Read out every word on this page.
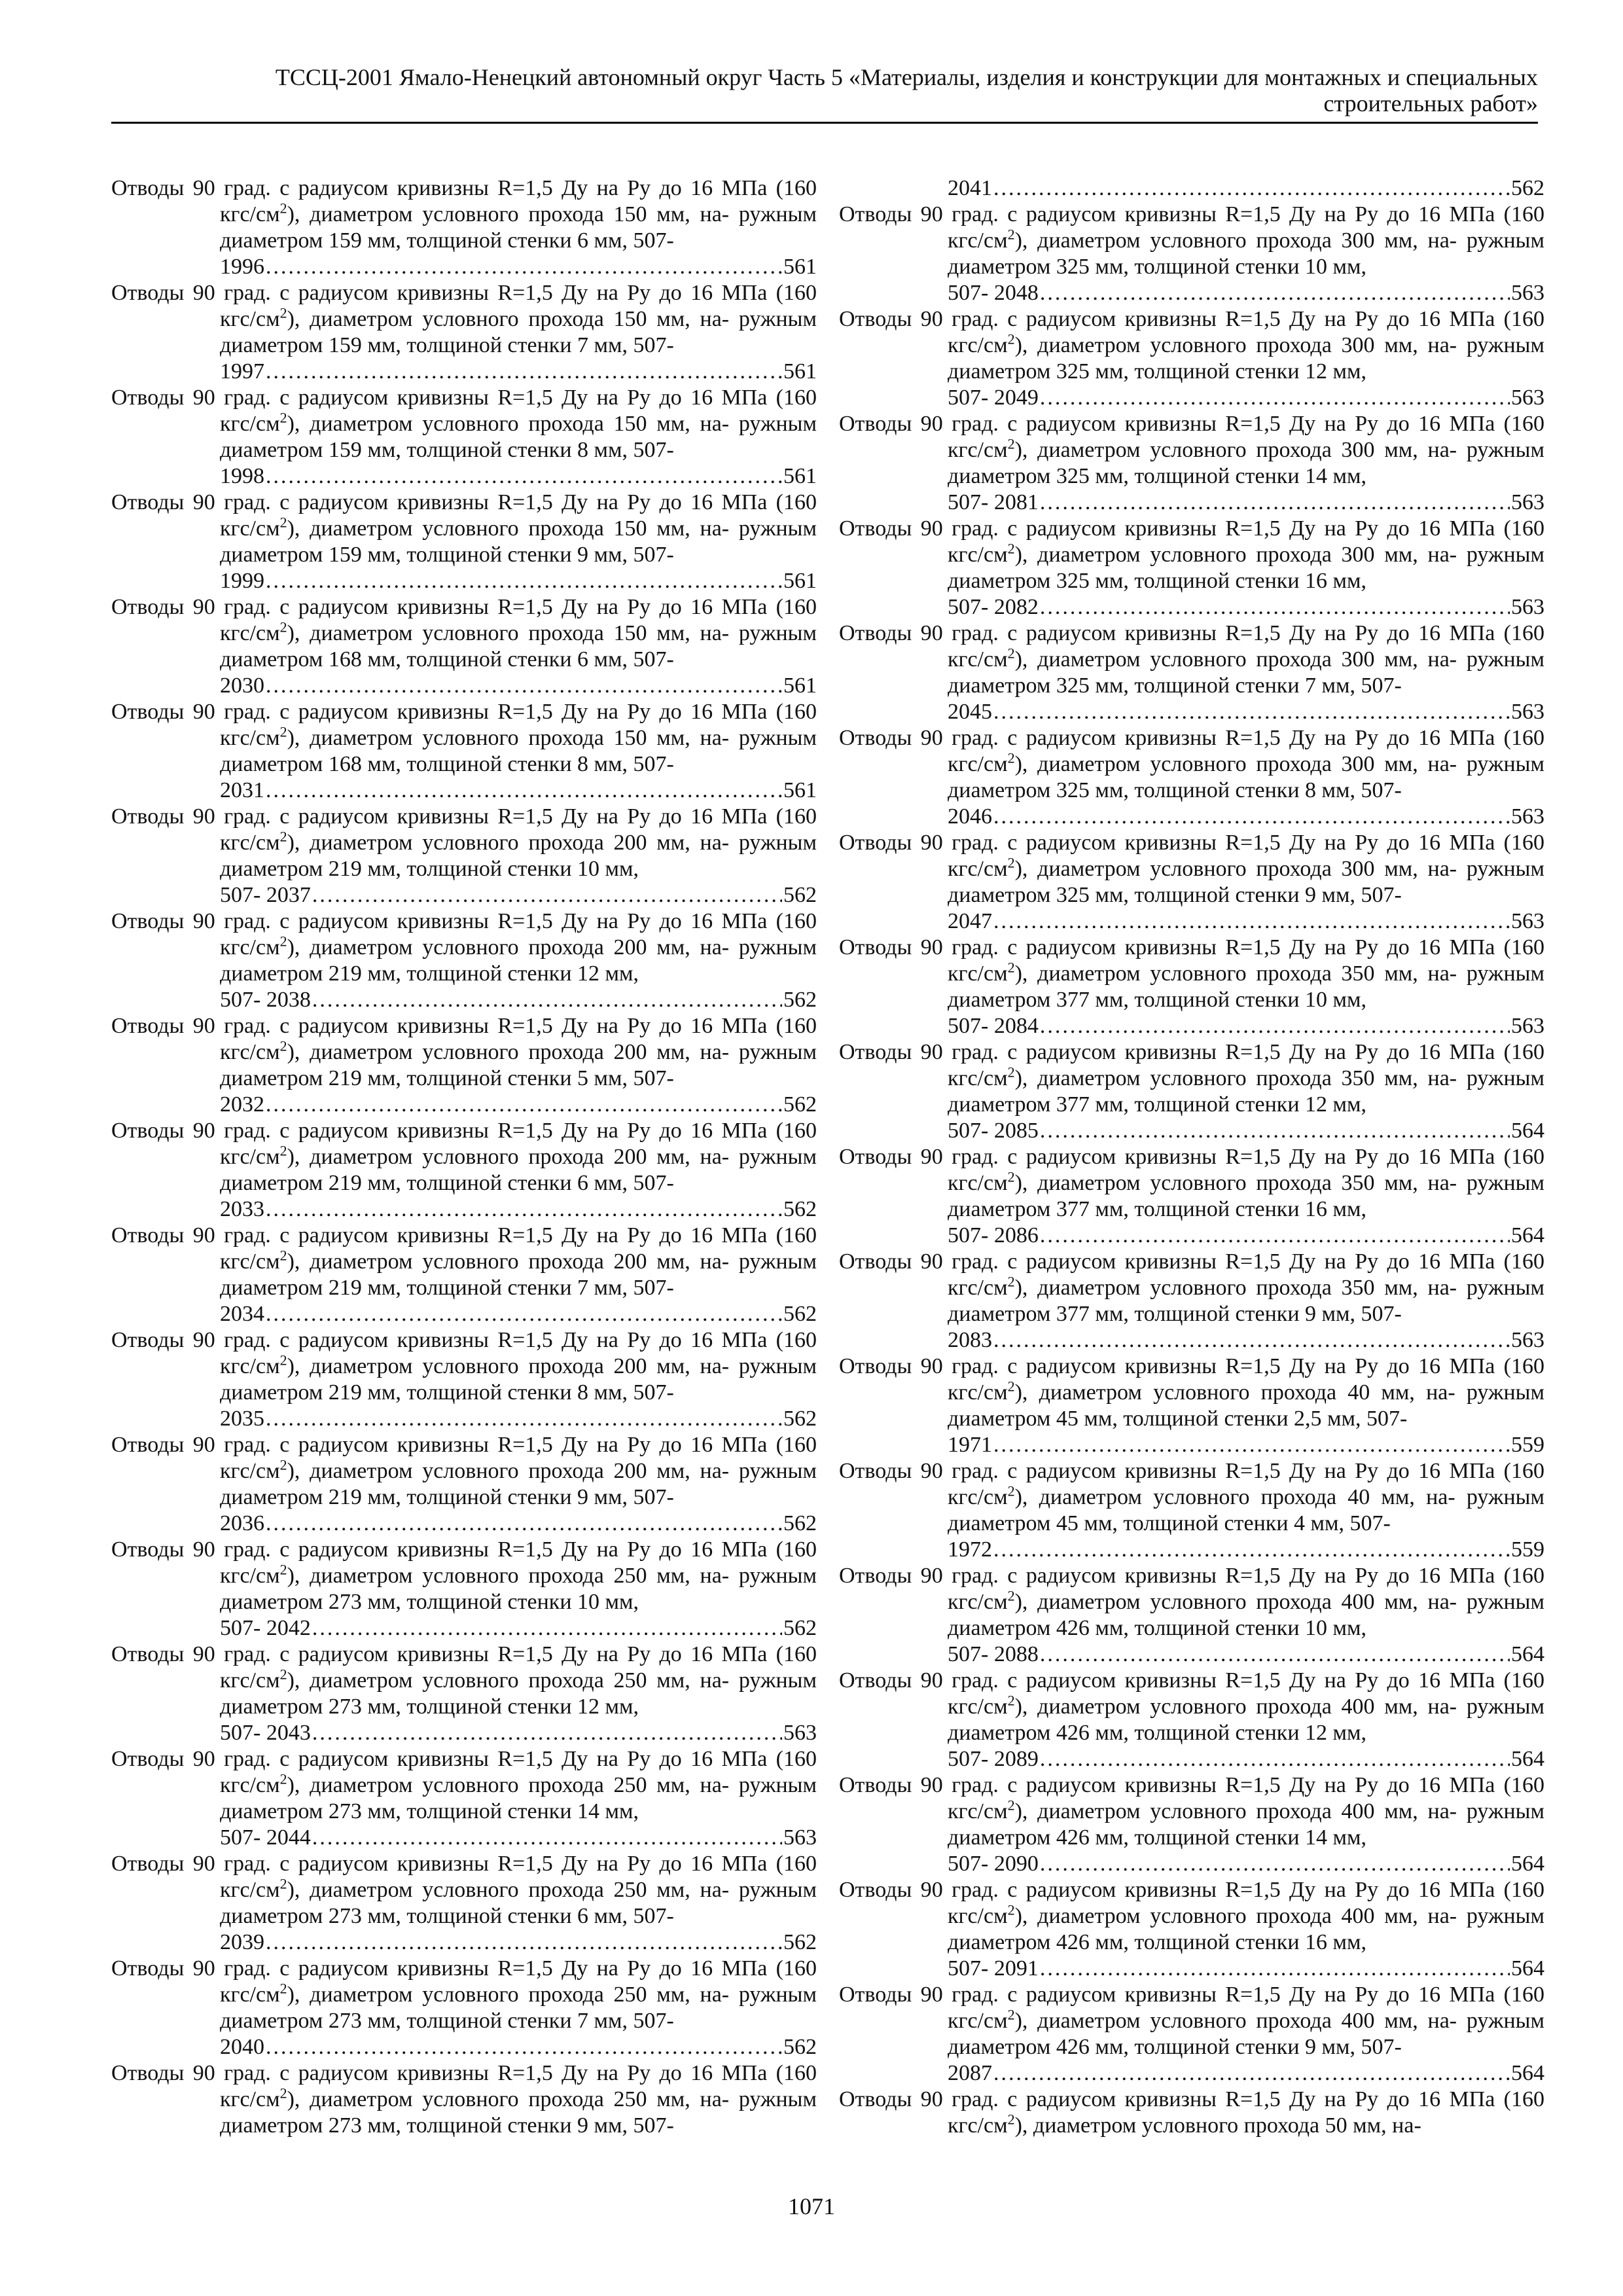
ТССЦ-2001 Ямало-Ненецкий автономный округ Часть 5 «Материалы, изделия и конструкции для монтажных и специальных
строительных работ»
Отводы 90 град. с радиусом кривизны R=1,5 Ду на Ру до 16 МПа (160 кгс/$см^2$), диаметром условного прохода 150 мм, на- ружным диаметром 159 мм, толщиной стенки 6 мм, 507-
1996 .....	561
Отводы 90 град. с радиусом кривизны R=1,5 Ду на Ру до 16 МПа (160 кгс/$см^2$), диаметром условного прохода 150 мм, на- ружным диаметром 159 мм, толщиной стенки 7 мм, 507-
1997 .....	561
Отводы 90 град. с радиусом кривизны R=1,5 Ду на Ру до 16 МПа (160 кгс/$см^2$), диаметром условного прохода 150 мм, на- ружным диаметром 159 мм, толщиной стенки 8 мм, 507-
1998 .....	561
Отводы 90 град. с радиусом кривизны R=1,5 Ду на Ру до 16 МПа (160 кгс/$см^2$), диаметром условного прохода 150 мм, на- ружным диаметром 159 мм, толщиной стенки 9 мм, 507-
1999 .....	561
Отводы 90 град. с радиусом кривизны R=1,5 Ду на Ру до 16 МПа (160 кгс/$см^2$), диаметром условного прохода 150 мм, на- ружным диаметром 168 мм, толщиной стенки 6 мм, 507-
2030 .....	561
Отводы 90 град. с радиусом кривизны R=1,5 Ду на Ру до 16 МПа (160 кгс/$см^2$), диаметром условного прохода 150 мм, на- ружным диаметром 168 мм, толщиной стенки 8 мм, 507-
2031 .....	561
Отводы 90 град. с радиусом кривизны R=1,5 Ду на Ру до 16 МПа (160 кгс/$см^2$), диаметром условного прохода 200 мм, на- ружным диаметром 219 мм, толщиной стенки 10 мм,
507- 2037 .....	562
Отводы 90 град. с радиусом кривизны R=1,5 Ду на Ру до 16 МПа (160 кгс/$см^2$), диаметром условного прохода 200 мм, на- ружным диаметром 219 мм, толщиной стенки 12 мм,
507- 2038 .....	562
Отводы 90 град. с радиусом кривизны R=1,5 Ду на Ру до 16 МПа (160 кгс/$см^2$), диаметром условного прохода 200 мм, на- ружным диаметром 219 мм, толщиной стенки 5 мм, 507-
2032 .....	562
Отводы 90 град. с радиусом кривизны R=1,5 Ду на Ру до 16 МПа (160 кгс/$см^2$), диаметром условного прохода 200 мм, на- ружным диаметром 219 мм, толщиной стенки 6 мм, 507-
2033 .....	562
Отводы 90 град. с радиусом кривизны R=1,5 Ду на Ру до 16 МПа (160 кгс/$см^2$), диаметром условного прохода 200 мм, на- ружным диаметром 219 мм, толщиной стенки 7 мм, 507-
2034 .....	562
Отводы 90 град. с радиусом кривизны R=1,5 Ду на Ру до 16 МПа (160 кгс/$см^2$), диаметром условного прохода 200 мм, на- ружным диаметром 219 мм, толщиной стенки 8 мм, 507-
2035 .....	562
Отводы 90 град. с радиусом кривизны R=1,5 Ду на Ру до 16 МПа (160 кгс/$см^2$), диаметром условного прохода 200 мм, на- ружным диаметром 219 мм, толщиной стенки 9 мм, 507-
2036 .....	562
Отводы 90 град. с радиусом кривизны R=1,5 Ду на Ру до 16 МПа (160 кгс/$см^2$), диаметром условного прохода 250 мм, на- ружным диаметром 273 мм, толщиной стенки 10 мм,
507- 2042 .....	562
Отводы 90 град. с радиусом кривизны R=1,5 Ду на Ру до 16 МПа (160 кгс/$см^2$), диаметром условного прохода 250 мм, на- ружным диаметром 273 мм, толщиной стенки 12 мм,
507- 2043 .....	563
Отводы 90 град. с радиусом кривизны R=1,5 Ду на Ру до 16 МПа (160 кгс/$см^2$), диаметром условного прохода 250 мм, на- ружным диаметром 273 мм, толщиной стенки 14 мм,
507- 2044 .....	563
Отводы 90 град. с радиусом кривизны R=1,5 Ду на Ру до 16 МПа (160 кгс/$см^2$), диаметром условного прохода 250 мм, на- ружным диаметром 273 мм, толщиной стенки 6 мм, 507-
2039 .....	562
Отводы 90 град. с радиусом кривизны R=1,5 Ду на Ру до 16 МПа (160 кгс/$см^2$), диаметром условного прохода 250 мм, на- ружным диаметром 273 мм, толщиной стенки 7 мм, 507-
2040 .....	562
Отводы 90 град. с радиусом кривизны R=1,5 Ду на Ру до 16 МПа (160 кгс/$см^2$), диаметром условного прохода 250 мм, на- ружным диаметром 273 мм, толщиной стенки 9 мм, 507-
2041 .....	562
Отводы 90 град. с радиусом кривизны R=1,5 Ду на Ру до 16 МПа (160 кгс/$см^2$), диаметром условного прохода 300 мм, на- ружным диаметром 325 мм, толщиной стенки 10 мм,
507- 2048 .....	563
Отводы 90 град. с радиусом кривизны R=1,5 Ду на Ру до 16 МПа (160 кгс/$см^2$), диаметром условного прохода 300 мм, на- ружным диаметром 325 мм, толщиной стенки 12 мм,
507- 2049 .....	563
Отводы 90 град. с радиусом кривизны R=1,5 Ду на Ру до 16 МПа (160 кгс/$см^2$), диаметром условного прохода 300 мм, на- ружным диаметром 325 мм, толщиной стенки 14 мм,
507- 2081 .....	563
Отводы 90 град. с радиусом кривизны R=1,5 Ду на Ру до 16 МПа (160 кгс/$см^2$), диаметром условного прохода 300 мм, на- ружным диаметром 325 мм, толщиной стенки 16 мм,
507- 2082 .....	563
Отводы 90 град. с радиусом кривизны R=1,5 Ду на Ру до 16 МПа (160 кгс/$см^2$), диаметром условного прохода 300 мм, на- ружным диаметром 325 мм, толщиной стенки 7 мм, 507-
2045 .....	563
Отводы 90 град. с радиусом кривизны R=1,5 Ду на Ру до 16 МПа (160 кгс/$см^2$), диаметром условного прохода 300 мм, на- ружным диаметром 325 мм, толщиной стенки 8 мм, 507-
2046 .....	563
Отводы 90 град. с радиусом кривизны R=1,5 Ду на Ру до 16 МПа (160 кгс/$см^2$), диаметром условного прохода 300 мм, на- ружным диаметром 325 мм, толщиной стенки 9 мм, 507-
2047 .....	563
Отводы 90 град. с радиусом кривизны R=1,5 Ду на Ру до 16 МПа (160 кгс/$см^2$), диаметром условного прохода 350 мм, на- ружным диаметром 377 мм, толщиной стенки 10 мм,
507- 2084 .....	563
Отводы 90 град. с радиусом кривизны R=1,5 Ду на Ру до 16 МПа (160 кгс/$см^2$), диаметром условного прохода 350 мм, на- ружным диаметром 377 мм, толщиной стенки 12 мм,
507- 2085 .....	564
Отводы 90 град. с радиусом кривизны R=1,5 Ду на Ру до 16 МПа (160 кгс/$см^2$), диаметром условного прохода 350 мм, на- ружным диаметром 377 мм, толщиной стенки 16 мм,
507- 2086 .....	564
Отводы 90 град. с радиусом кривизны R=1,5 Ду на Ру до 16 МПа (160 кгс/$см^2$), диаметром условного прохода 350 мм, на- ружным диаметром 377 мм, толщиной стенки 9 мм, 507-
2083 .....	563
Отводы 90 град. с радиусом кривизны R=1,5 Ду на Ру до 16 МПа (160 кгс/$см^2$), диаметром условного прохода 40 мм, на- ружным диаметром 45 мм, толщиной стенки 2,5 мм, 507-
1971 .....	559
Отводы 90 град. с радиусом кривизны R=1,5 Ду на Ру до 16 МПа (160 кгс/$см^2$), диаметром условного прохода 40 мм, на- ружным диаметром 45 мм, толщиной стенки 4 мм, 507-
1972 .....	559
Отводы 90 град. с радиусом кривизны R=1,5 Ду на Ру до 16 МПа (160 кгс/$см^2$), диаметром условного прохода 400 мм, на- ружным диаметром 426 мм, толщиной стенки 10 мм,
507- 2088 .....	564
Отводы 90 град. с радиусом кривизны R=1,5 Ду на Ру до 16 МПа (160 кгс/$см^2$), диаметром условного прохода 400 мм, на- ружным диаметром 426 мм, толщиной стенки 12 мм,
507- 2089 .....	564
Отводы 90 град. с радиусом кривизны R=1,5 Ду на Ру до 16 МПа (160 кгс/$см^2$), диаметром условного прохода 400 мм, на- ружным диаметром 426 мм, толщиной стенки 14 мм,
507- 2090 .....	564
Отводы 90 град. с радиусом кривизны R=1,5 Ду на Ру до 16 МПа (160 кгс/$см^2$), диаметром условного прохода 400 мм, на- ружным диаметром 426 мм, толщиной стенки 16 мм,
507- 2091 .....	564
Отводы 90 град. с радиусом кривизны R=1,5 Ду на Ру до 16 МПа (160 кгс/$см^2$), диаметром условного прохода 400 мм, на- ружным диаметром 426 мм, толщиной стенки 9 мм, 507-
2087 .....	564
Отводы 90 град. с радиусом кривизны R=1,5 Ду на Ру до 16 МПа (160 кгс/$см^2$), диаметром условного прохода 50 мм, на-
1071
